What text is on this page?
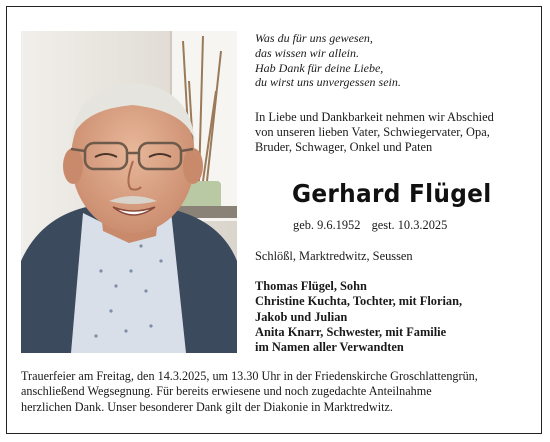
Was du für uns gewesen,
das wissen wir allein.
Hab Dank für deine Liebe,
du wirst uns unvergessen sein.
In Liebe und Dankbarkeit nehmen wir Abschied
von unseren lieben Vater, Schwiegervater, Opa,
Bruder, Schwager, Onkel und Paten
Gerhard Flügel
geb. 9.6.1952 gest. 10.3.2025
Schlößl, Marktredwitz, Seussen
Thomas Flügel, Sohn
Christine Kuchta, Tochter, mit Florian,
Jakob und Julian
Anita Knarr, Schwester, mit Familie
im Namen aller Verwandten
Trauerfeier am Freitag, den 14.3.2025, um 13.30 Uhr in der Friedenskirche Groschlattengrün,
anschließend Wegsegnung. Für bereits erwiesene und noch zugedachte Anteilnahme
herzlichen Dank. Unser besonderer Dank gilt der Diakonie in Marktredwitz.
